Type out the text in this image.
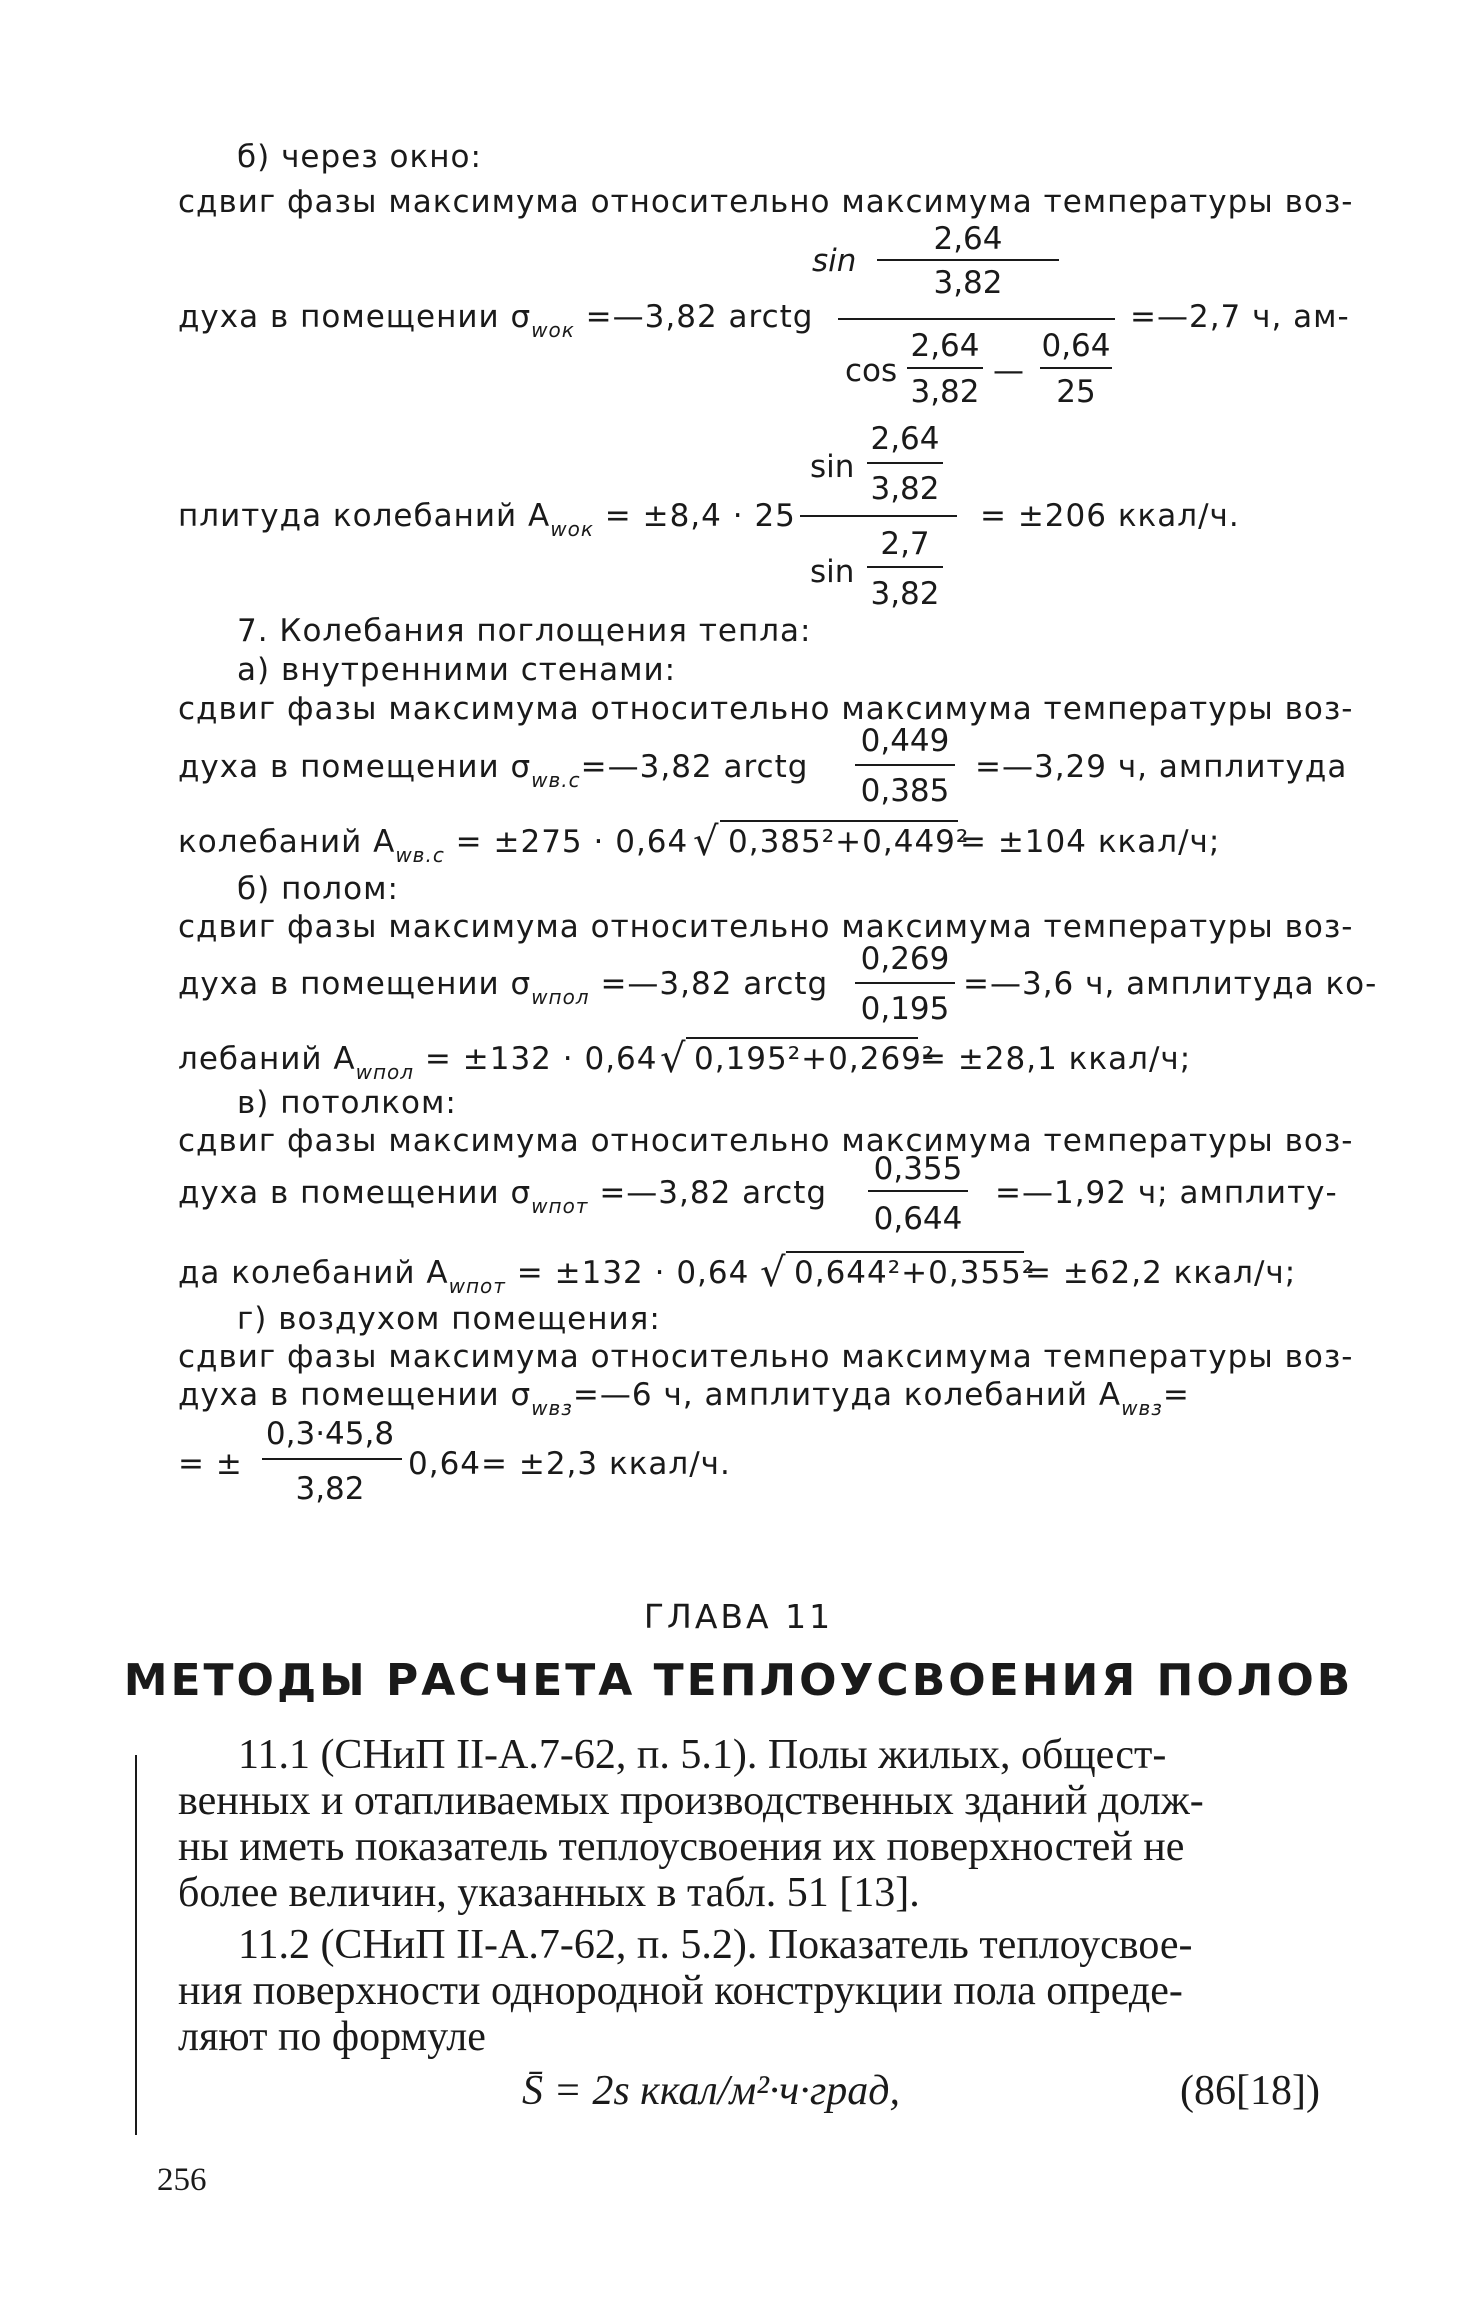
б) через окно:
сдвиг фазы максимума относительно максимума температуры воз-
sin
2,64
3,82
духа в помещении $\sigma_{wок}$ =—3,82 arctg	=—2,7 ч, ам-
cos
2,64
3,82
—
0,64
25
sin
2,64
3,82
плитуда колебаний $A_{wок} = \pm 8,4 \cdot 25$	= ±206 ккал/ч.
sin
2,7
3,82
7. Колебания поглощения тепла:
а) внутренними стенами:
сдвиг фазы максимума относительно максимума температуры воз-
0,449
0,385
духа в помещении $\sigma_{wв.с}=—3,82$ arctg	=—3,29 ч, амплитуда
колебаний $A_{wв.с} = \pm 275 \cdot 0,64$ √ 0,385²+0,449²
= ±104 ккал/ч;
б) полом:
сдвиг фазы максимума относительно максимума температуры воз-
0,269
0,195
духа в помещении $\sigma_{wпол}$ =—3,82 arctg	=—3,6 ч, амплитуда ко-
лебаний $A_{wпол} = \pm 132 \cdot 0,64$ √ 0,195²+0,269²
= ±28,1 ккал/ч;
в) потолком:
сдвиг фазы максимума относительно максимума температуры воз-
0,355
0,644
духа в помещении $\sigma_{wпот}$ =—3,82 arctg	=—1,92 ч; амплиту-
да колебаний $A_{wпот} = \pm 132 \cdot 0,64$ √ 0,644²+0,355²
= ±62,2 ккал/ч;
г) воздухом помещения:
сдвиг фазы максимума относительно максимума температуры воз-
духа в помещении $\sigma_{wвз}=—6$ ч, амплитуда колебаний $A_{wвз}=$
= ±
0,3·45,8
3,82
0,64= ±2,3 ккал/ч.
ГЛАВА 11
МЕТОДЫ РАСЧЕТА ТЕПЛОУСВОЕНИЯ ПОЛОВ
11.1 (СНиП II-А.7-62, п. 5.1). Полы жилых, общест-
венных и отапливаемых производственных зданий долж-
ны иметь показатель теплоусвоения их поверхностей не
более величин, указанных в табл. 51 [13].
11.2 (СНиП II-А.7-62, п. 5.2). Показатель теплоусвое-
ния поверхности однородной конструкции пола опреде-
ляют по формуле
S̄ = 2s ккал/м²·ч·град,	(86[18])
256
